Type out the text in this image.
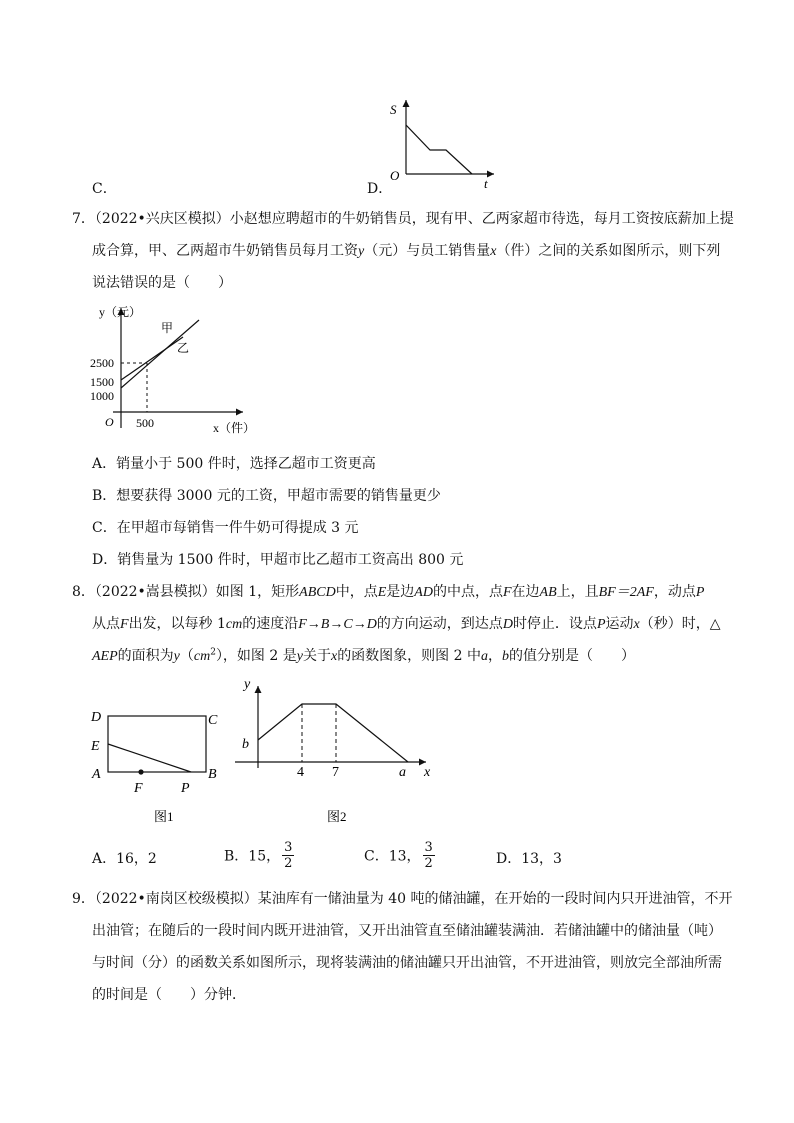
C．	D．
S
O
t
7．（2022•兴庆区模拟）小赵想应聘超市的牛奶销售员，现有甲、乙两家超市待选，每月工资按底薪加上提
成合算，甲、乙两超市牛奶销售员每月工资y（元）与员工销售量x（件）之间的关系如图所示，则下列
说法错误的是（　　）
y（元）
2500
1500
1000
O 500	x（件）
甲
乙
A．销量小于 500 件时，选择乙超市工资更高
B．想要获得 3000 元的工资，甲超市需要的销售量更少
C．在甲超市每销售一件牛奶可得提成 3 元
D．销售量为 1500 件时，甲超市比乙超市工资高出 800 元
8．（2022•嵩县模拟）如图 1，矩形ABCD中，点E是边AD的中点，点F在边AB上，且BF＝2AF，动点P
从点F出发，以每秒 1cm的速度沿F→B→C→D的方向运动，到达点D时停止．设点P运动x（秒）时，△
AEP的面积为$y(cm^2)$，如图 2 是y关于x的函数图象，则图 2 中a，b的值分别是（　　）
D	C
E
A	B
F	P
图1
y
b
4 7	a x
图2
A．16，2	B．15， $\frac{3}{2}$	C．13， $\frac{3}{2}$	D．13，3
9．（2022•南岗区校级模拟）某油库有一储油量为 40 吨的储油罐，在开始的一段时间内只开进油管，不开
出油管；在随后的一段时间内既开进油管，又开出油管直至储油罐装满油．若储油罐中的储油量（吨）
与时间（分）的函数关系如图所示，现将装满油的储油罐只开出油管，不开进油管，则放完全部油所需
的时间是（　　）分钟．
